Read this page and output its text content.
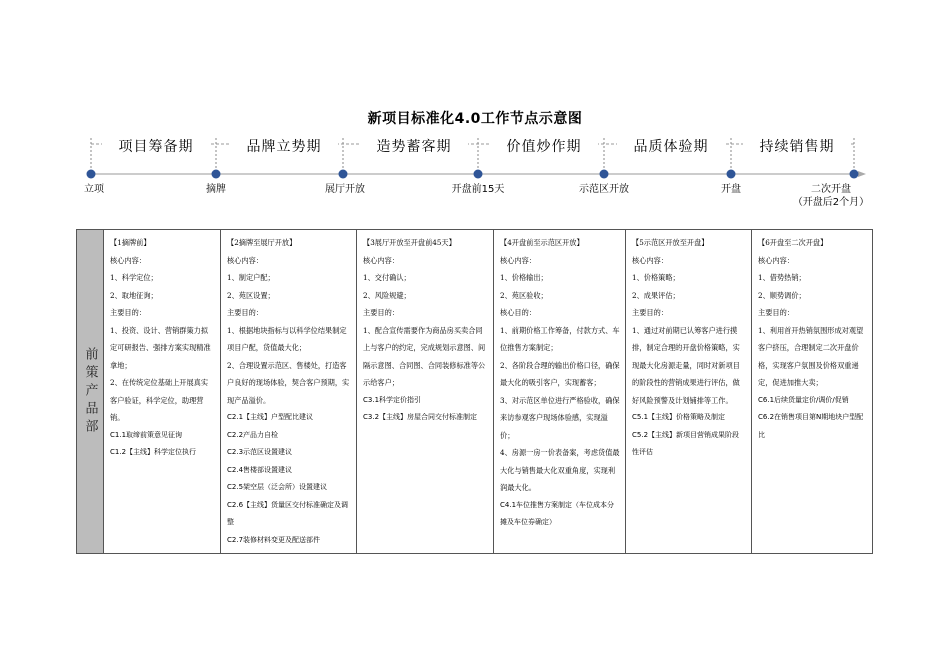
新项目标准化4.0工作节点示意图
项目筹备期	品牌立势期	造势蓄客期	价值炒作期	品质体验期	持续销售期
立项	摘牌	展厅开放	开盘前15天	示范区开放	开盘	二次开盘
（开盘后2个月）
前策产品部

【1摘牌前】

核心内容：

1、科学定位；

2、取地征询；

主要目的：

1、投资、设计、营销群策力拟定可研报告、强排方案实现精准拿地；

2、在传统定位基础上开展真实客户验证，科学定位，助理营销。

C1.1取缔前策意见征询

C1.2【主线】科学定位执行

【2摘牌至展厅开放】

核心内容：

1、制定户配；

2、苑区设置；

主要目的：

1、根据地块指标与以科学位结果制定项目户配，货值最大化；

2、合理设置示范区、售楼处，打造客户良好的现场体验，契合客户预期，实现产品溢价。

C2.1【主线】户型配比建议

C2.2产品力自检

C2.3示范区设置建议

C2.4售楼部设置建议

C2.5架空层（泛会所）设置建议

C2.6【主线】货量区交付标准确定及调整

C2.7装修材料变更及配送部件

【3展厅开放至开盘前45天】

核心内容：

1、交付确认；

2、风险规避；

主要目的：

1、配合宣传需要作为商品房买卖合同上与客户的约定，完成规划示意图、间隔示意图、合同图、合同装修标准等公示给客户；

C3.1科学定价指引

C3.2【主线】房屋合同交付标准制定

【4开盘前至示范区开放】

核心内容：

1、价格输出；

2、苑区验收；

核心目的：

1、前期价格工作筹备，付款方式、车位推售方案制定；

2、各阶段合理的输出价格口径，确保最大化的吸引客户，实现蓄客；

3、对示范区单位进行严格验收，确保来访参观客户现场体验感，实现溢价；

4、房源一房一价表备案，考虑货值最大化与销售最大化双重角度，实现利润最大化。

C4.1车位推售方案制定（车位成本分摊及车位券确定）

【5示范区开放至开盘】

核心内容：

1、价格策略；

2、成果评估；

主要目的：

1、通过对前期已认筹客户进行摸排，制定合理的开盘价格策略，实现最大化房源走量，同时对新项目的阶段性的营销成果进行评估，做好风险预警及计划铺排等工作。

C5.1【主线】价格策略及制定

C5.2【主线】新项目营销成果阶段性评估

【6开盘至二次开盘】

核心内容：

1、借势热销；

2、顺势调价；

主要目的：

1、利用首开热销氛围形成对观望客户挤压，合理制定二次开盘价格，实现客户氛围及价格双重递定，促进加推大卖；

C6.1后续货量定价/调价/促销

C6.2在销售项目第N期地块户型配比
